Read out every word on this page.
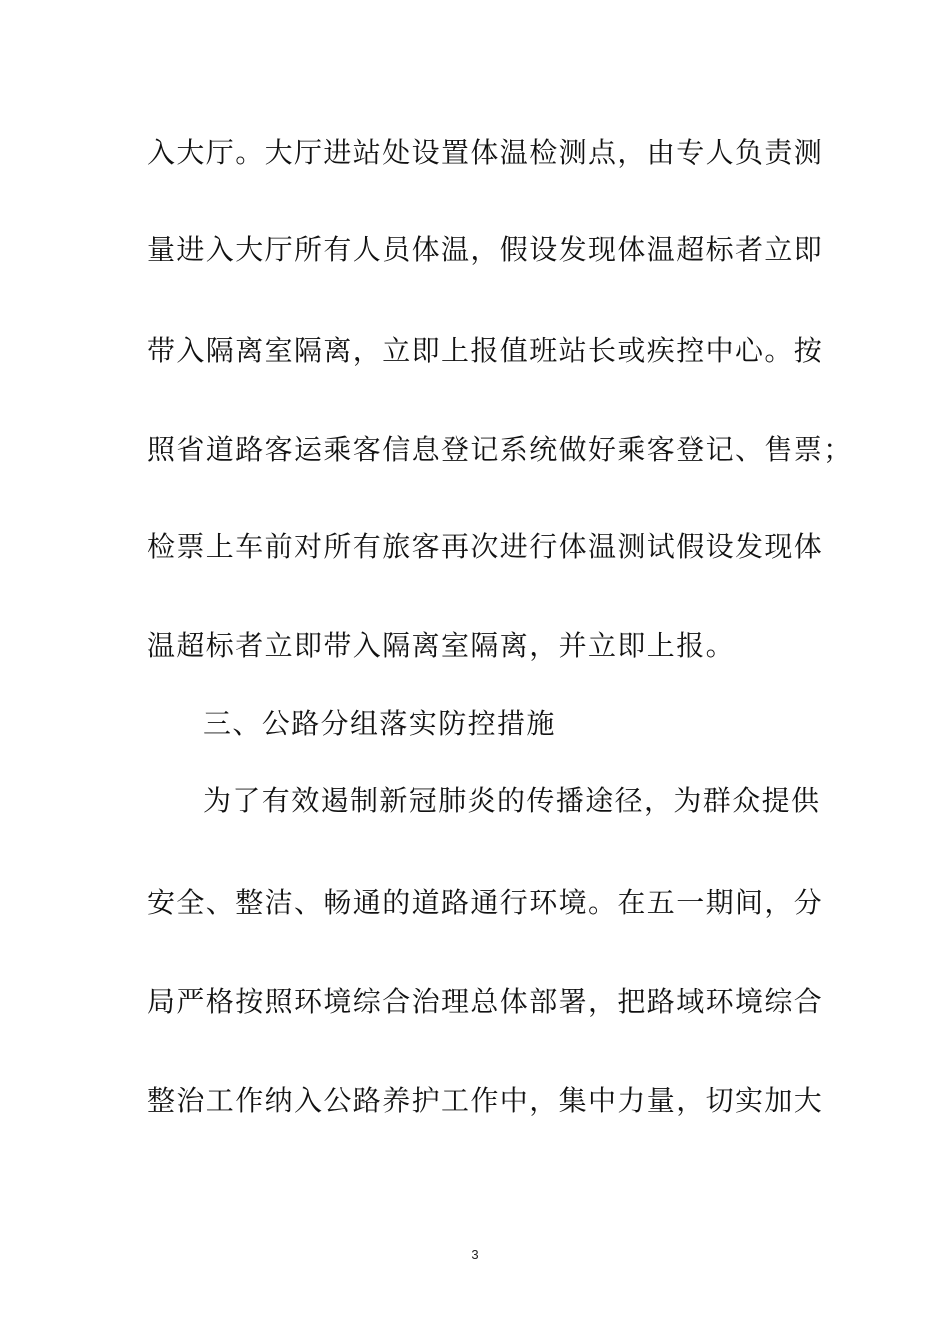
入大厅。大厅进站处设置体温检测点，由专人负责测
量进入大厅所有人员体温，假设发现体温超标者立即
带入隔离室隔离，立即上报值班站长或疾控中心。按
照省道路客运乘客信息登记系统做好乘客登记、售票；
检票上车前对所有旅客再次进行体温测试假设发现体
温超标者立即带入隔离室隔离，并立即上报。
三、公路分组落实防控措施
为了有效遏制新冠肺炎的传播途径，为群众提供
安全、整洁、畅通的道路通行环境。在五一期间，分
局严格按照环境综合治理总体部署，把路域环境综合
整治工作纳入公路养护工作中，集中力量，切实加大
3
